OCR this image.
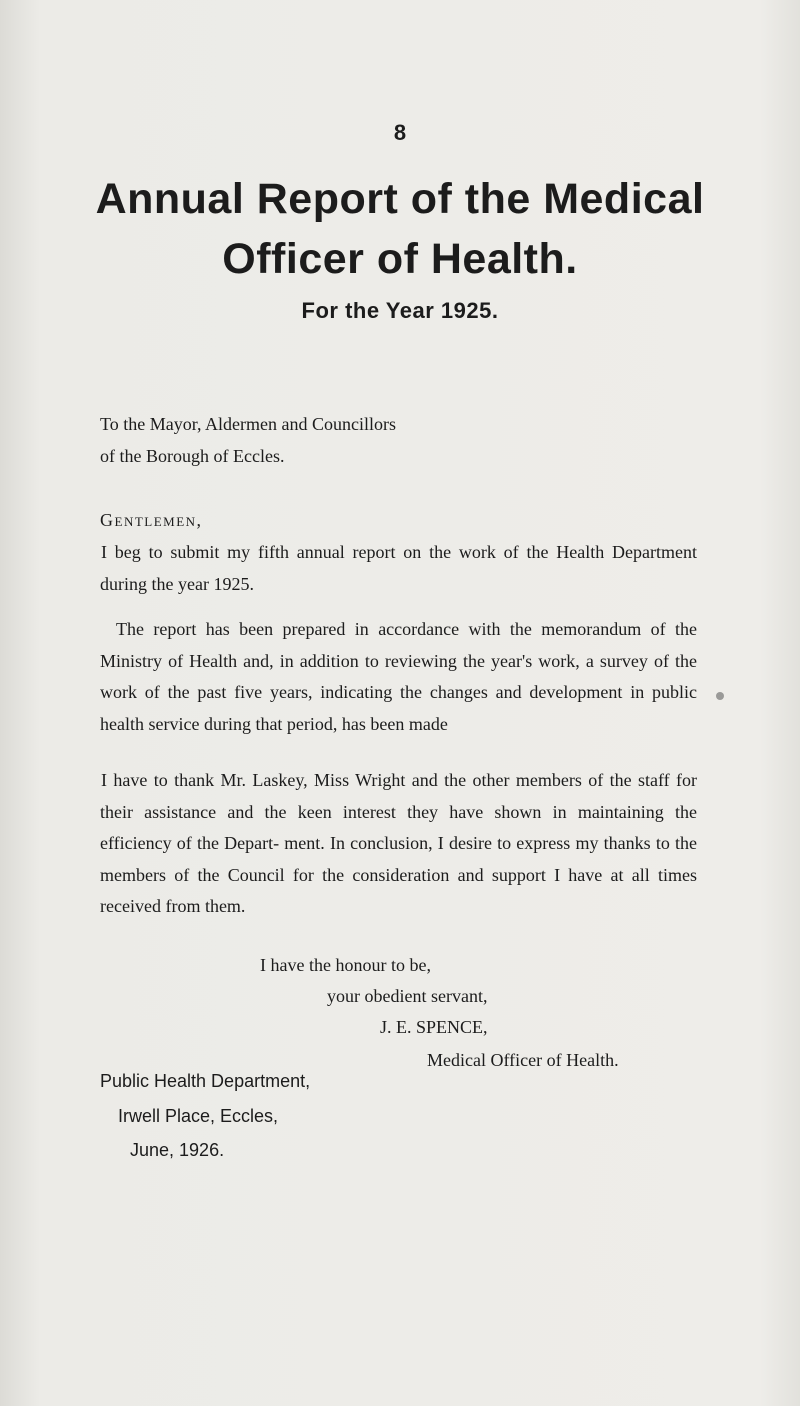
8
Annual Report of the Medical
Officer of Health.
For the Year 1925.
To the Mayor, Aldermen and Councillors
of the Borough of Eccles.
Gentlemen,

I beg to submit my fifth annual report on the work of the Health Department during the year 1925.

The report has been prepared in accordance with the memorandum of the Ministry of Health and, in addition to reviewing the year's work, a survey of the work of the past five years, indicating the changes and development in public health service during that period, has been made

I have to thank Mr. Laskey, Miss Wright and the other members of the staff for their assistance and the keen interest they have shown in maintaining the efficiency of the Depart- ment. In conclusion, I desire to express my thanks to the members of the Council for the consideration and support I have at all times received from them.

I have the honour to be,
your obedient servant,
J. E. SPENCE,
Medical Officer of Health.
Public Health Department,
Irwell Place, Eccles,
June, 1926.
